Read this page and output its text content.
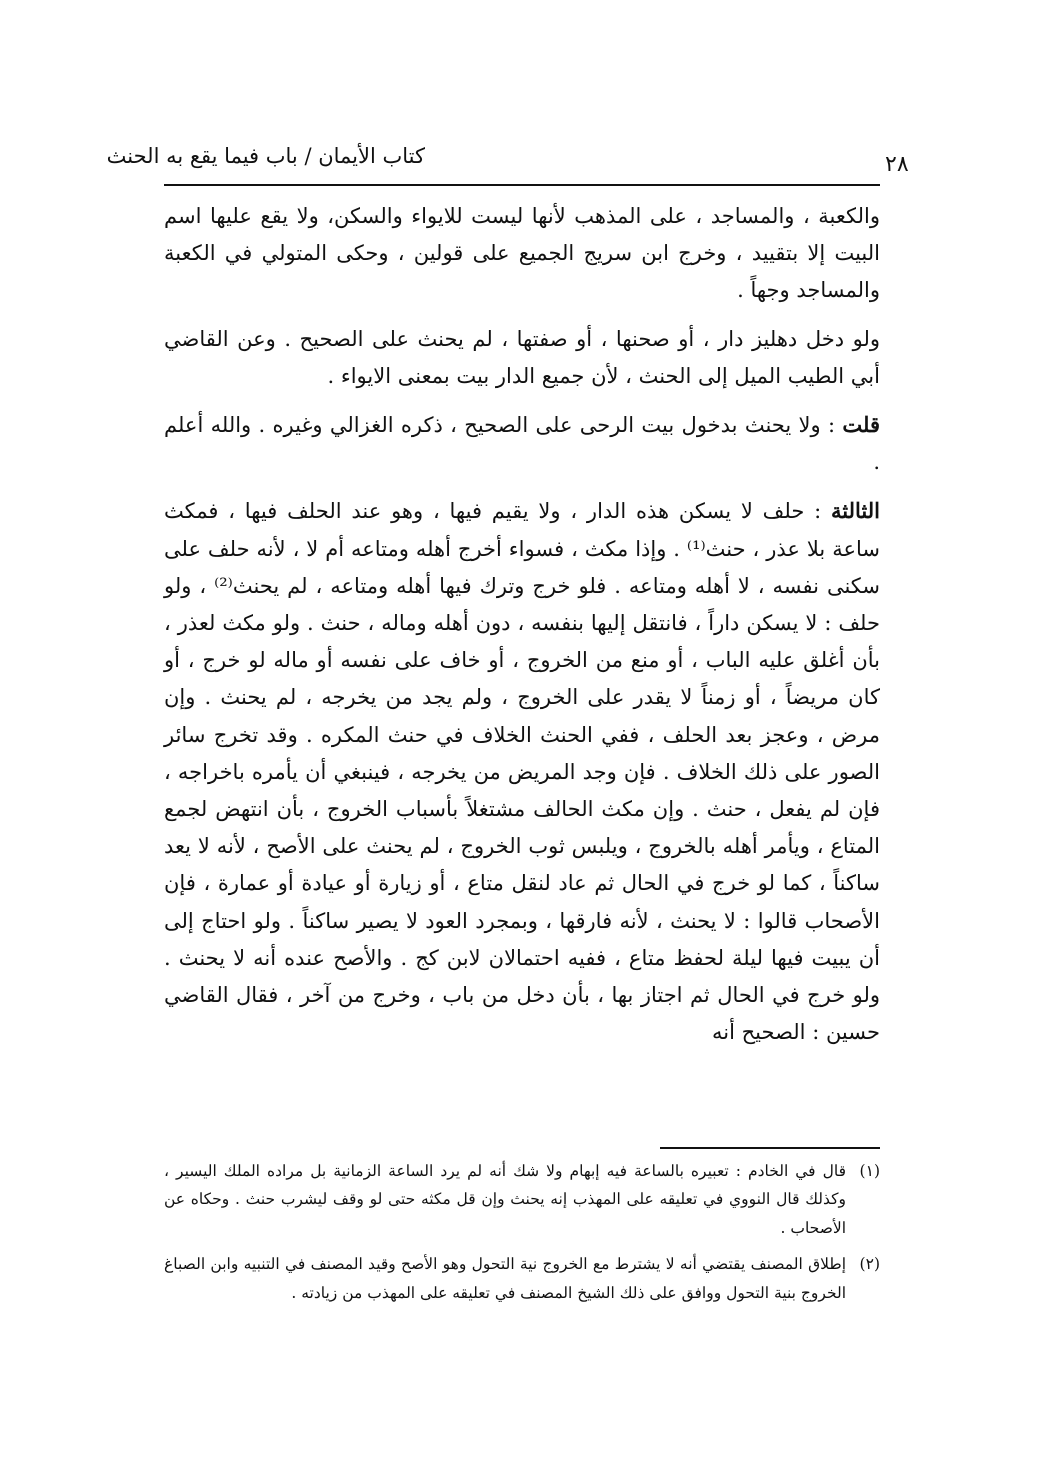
كتاب الأيمان / باب فيما يقع به الحنث	٢٨

والكعبة ، والمساجد ، على المذهب لأنها ليست للايواء والسكن، ولا يقع عليها اسم البيت إلا بتقييد ، وخرج ابن سريج الجميع على قولين ، وحكى المتولي في الكعبة والمساجد وجهاً .

ولو دخل دهليز دار ، أو صحنها ، أو صفتها ، لم يحنث على الصحيح . وعن القاضي أبي الطيب الميل إلى الحنث ، لأن جميع الدار بيت بمعنى الايواء .

قلت : ولا يحنث بدخول بيت الرحى على الصحيح ، ذكره الغزالي وغيره . والله أعلم .

الثالثة : حلف لا يسكن هذه الدار ، ولا يقيم فيها ، وهو عند الحلف فيها ، فمكث ساعة بلا عذر ، حنث⁽¹⁾ . وإذا مكث ، فسواء أخرج أهله ومتاعه أم لا ، لأنه حلف على سكنى نفسه ، لا أهله ومتاعه . فلو خرج وترك فيها أهله ومتاعه ، لم يحنث⁽²⁾ ، ولو حلف : لا يسكن داراً ، فانتقل إليها بنفسه ، دون أهله وماله ، حنث . ولو مكث لعذر ، بأن أغلق عليه الباب ، أو منع من الخروج ، أو خاف على نفسه أو ماله لو خرج ، أو كان مريضاً ، أو زمناً لا يقدر على الخروج ، ولم يجد من يخرجه ، لم يحنث . وإن مرض ، وعجز بعد الحلف ، ففي الحنث الخلاف في حنث المكره . وقد تخرج سائر الصور على ذلك الخلاف . فإن وجد المريض من يخرجه ، فينبغي أن يأمره باخراجه ، فإن لم يفعل ، حنث . وإن مكث الحالف مشتغلاً بأسباب الخروج ، بأن انتهض لجمع المتاع ، ويأمر أهله بالخروج ، ويلبس ثوب الخروج ، لم يحنث على الأصح ، لأنه لا يعد ساكناً ، كما لو خرج في الحال ثم عاد لنقل متاع ، أو زيارة أو عيادة أو عمارة ، فإن الأصحاب قالوا : لا يحنث ، لأنه فارقها ، وبمجرد العود لا يصير ساكناً . ولو احتاج إلى أن يبيت فيها ليلة لحفظ متاع ، ففيه احتمالان لابن كج . والأصح عنده أنه لا يحنث . ولو خرج في الحال ثم اجتاز بها ، بأن دخل من باب ، وخرج من آخر ، فقال القاضي حسين : الصحيح أنه

(١)
قال في الخادم : تعبيره بالساعة فيه إبهام ولا شك أنه لم يرد الساعة الزمانية بل مراده الملك اليسير ، وكذلك قال النووي في تعليقه على المهذب إنه يحنث وإن قل مكثه حتى لو وقف ليشرب حنث . وحكاه عن الأصحاب .
(٢)
إطلاق المصنف يقتضي أنه لا يشترط مع الخروج نية التحول وهو الأصح وقيد المصنف في التنبيه وابن الصباغ الخروج بنية التحول ووافق على ذلك الشيخ المصنف في تعليقه على المهذب من زيادته .
